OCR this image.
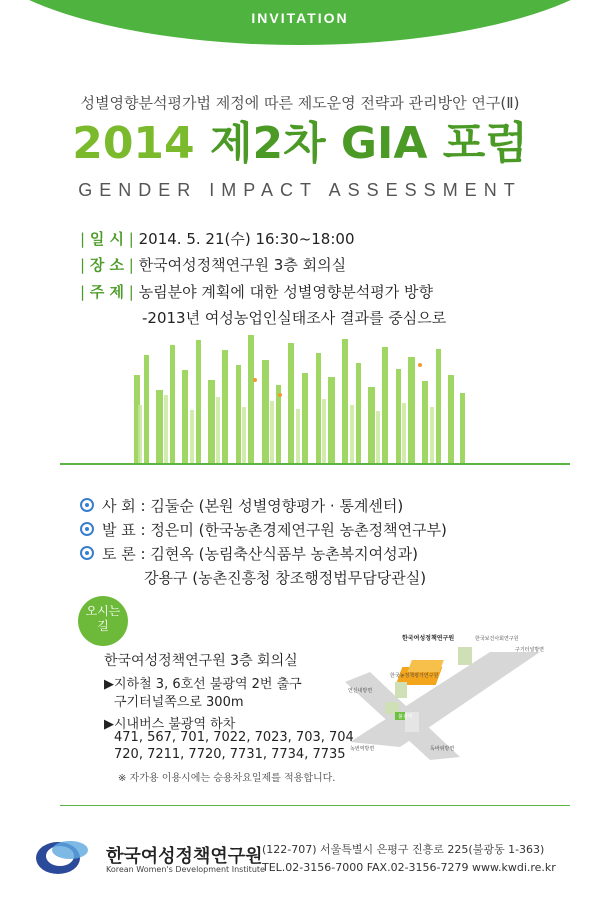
INVITATION
성별영향분석평가법 제정에 따른 제도운영 전략과 관리방안 연구(Ⅱ)
2014 제2차 GIA 포럼
GENDER IMPACT ASSESSMENT
| 일 시 | 2014. 5. 21(수) 16:30~18:00
| 장 소 | 한국여성정책연구원 3층 회의실
| 주 제 | 농림분야 계획에 대한 성별영향분석평가 방향
-2013년 여성농업인실태조사 결과를 중심으로
사 회 : 김둘순 (본원 성별영향평가 · 통계센터)
발 표 : 정은미 (한국농촌경제연구원 농촌정책연구부)
토 론 : 김현옥 (농림축산식품부 농촌복지여성과)
강용구 (농촌진흥청 창조행정법무담당관실)
오시는
길
한국여성정책연구원 3층 회의실
▶지하철 3, 6호선 불광역 2번 출구
구기터널쪽으로 300m
▶시내버스 불광역 하차
471, 567, 701, 7022, 7023, 703, 704,
720, 7211, 7720, 7731, 7734, 7735
※ 자가용 이용시에는 승용차요일제를 적용합니다.
한국여성정책연구원	한국보건사회연구원
구기터널방면
한국농정책평가연구원
불광역
연신내방면
녹번역방면	독바위방면
한국여성정책연구원
Korean Women's Development Institute
(122-707) 서울특별시 은평구 진흥로 225(불광동 1-363)
TEL.02-3156-7000 FAX.02-3156-7279 www.kwdi.re.kr
